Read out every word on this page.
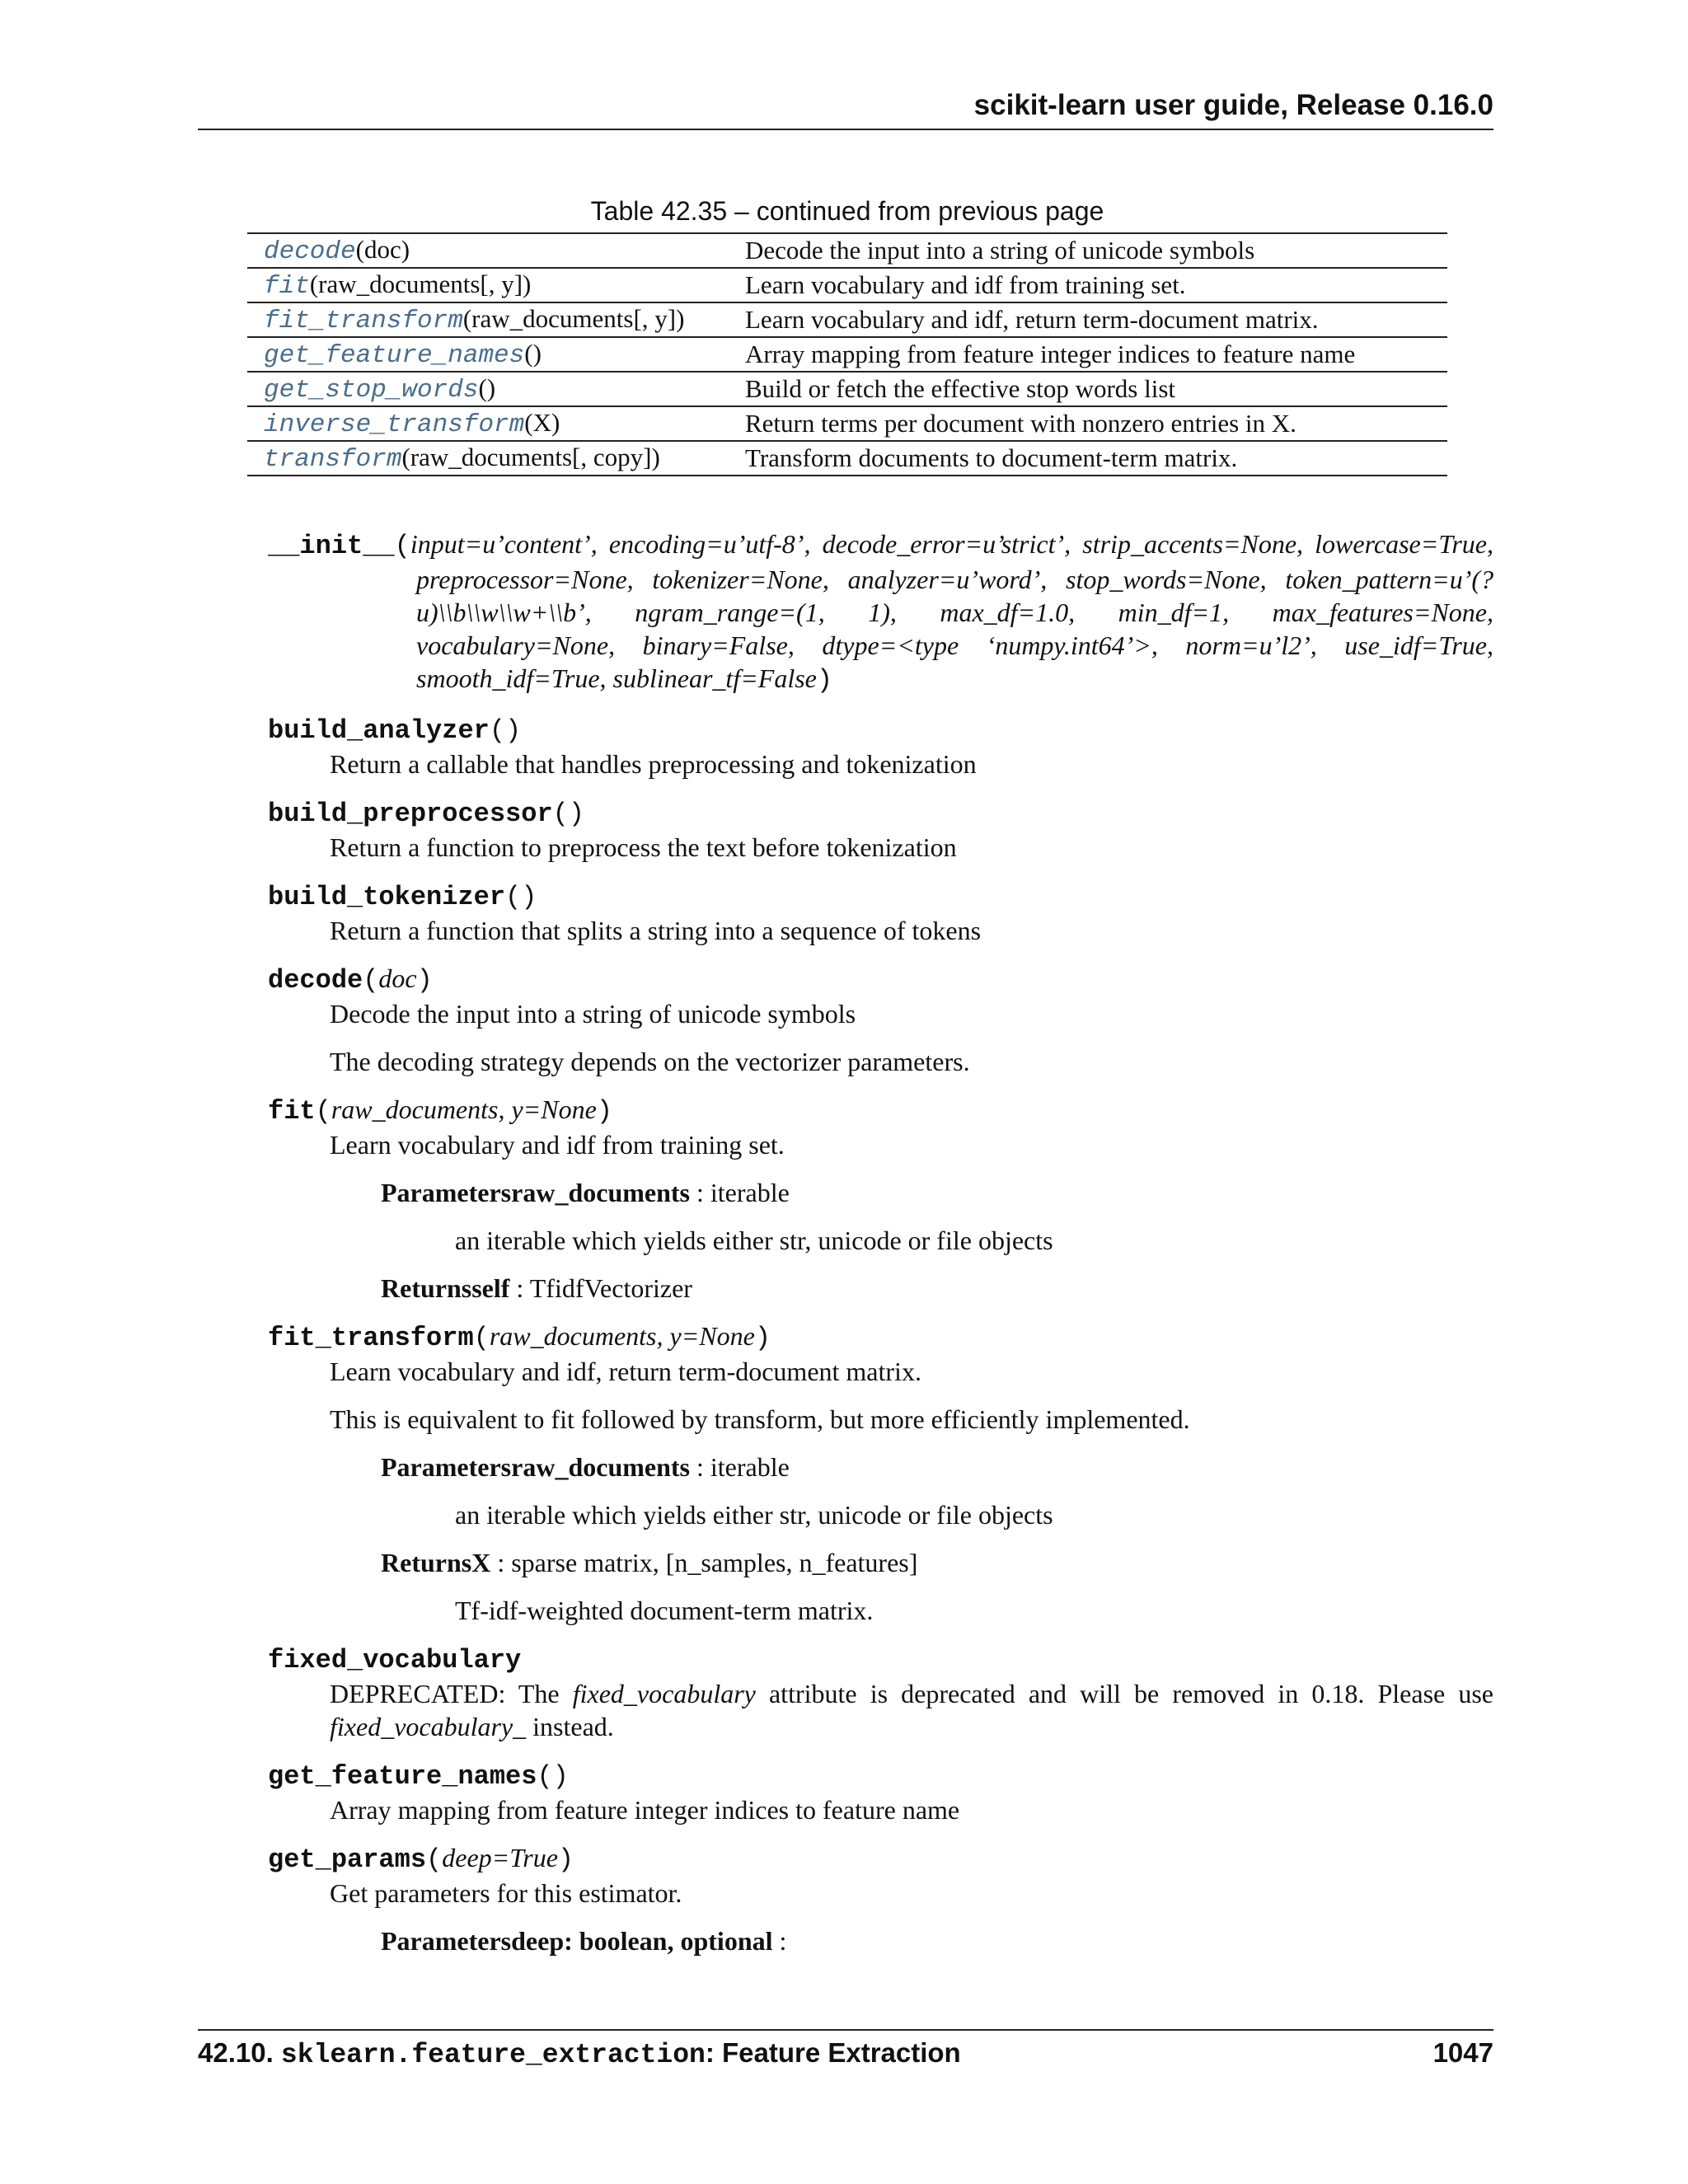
scikit-learn user guide, Release 0.16.0
Table 42.35 – continued from previous page
decode(doc)	Decode the input into a string of unicode symbols
fit(raw_documents[, y])	Learn vocabulary and idf from training set.
fit_transform(raw_documents[, y])	Learn vocabulary and idf, return term-document matrix.
get_feature_names()	Array mapping from feature integer indices to feature name
get_stop_words()	Build or fetch the effective stop words list
inverse_transform(X)	Return terms per document with nonzero entries in X.
transform(raw_documents[, copy])	Transform documents to document-term matrix.
__init__(input=u’content’, encoding=u’utf-8’, decode_error=u’strict’, strip_accents=None, lowercase=True, preprocessor=None, tokenizer=None, analyzer=u’word’, stop_words=None, token_pattern=u’(?u)\\b\\w\\w+\\b’, ngram_range=(1, 1), max_df=1.0, min_df=1, max_features=None, vocabulary=None, binary=False, dtype=<type ‘numpy.int64’>, norm=u’l2’, use_idf=True, smooth_idf=True, sublinear_tf=False)
build_analyzer()
Return a callable that handles preprocessing and tokenization
build_preprocessor()
Return a function to preprocess the text before tokenization
build_tokenizer()
Return a function that splits a string into a sequence of tokens
decode(doc)
Decode the input into a string of unicode symbols
The decoding strategy depends on the vectorizer parameters.
fit(raw_documents, y=None)
Learn vocabulary and idf from training set.
Parametersraw_documents : iterable
an iterable which yields either str, unicode or file objects
Returnsself : TfidfVectorizer
fit_transform(raw_documents, y=None)
Learn vocabulary and idf, return term-document matrix.
This is equivalent to fit followed by transform, but more efficiently implemented.
Parametersraw_documents : iterable
an iterable which yields either str, unicode or file objects
ReturnsX : sparse matrix, [n_samples, n_features]
Tf-idf-weighted document-term matrix.
fixed_vocabulary
DEPRECATED: The fixed_vocabulary attribute is deprecated and will be removed in 0.18. Please use fixed_vocabulary_ instead.
get_feature_names()
Array mapping from feature integer indices to feature name
get_params(deep=True)
Get parameters for this estimator.
Parametersdeep: boolean, optional :
42.10. sklearn.feature_extraction: Feature Extraction	1047
